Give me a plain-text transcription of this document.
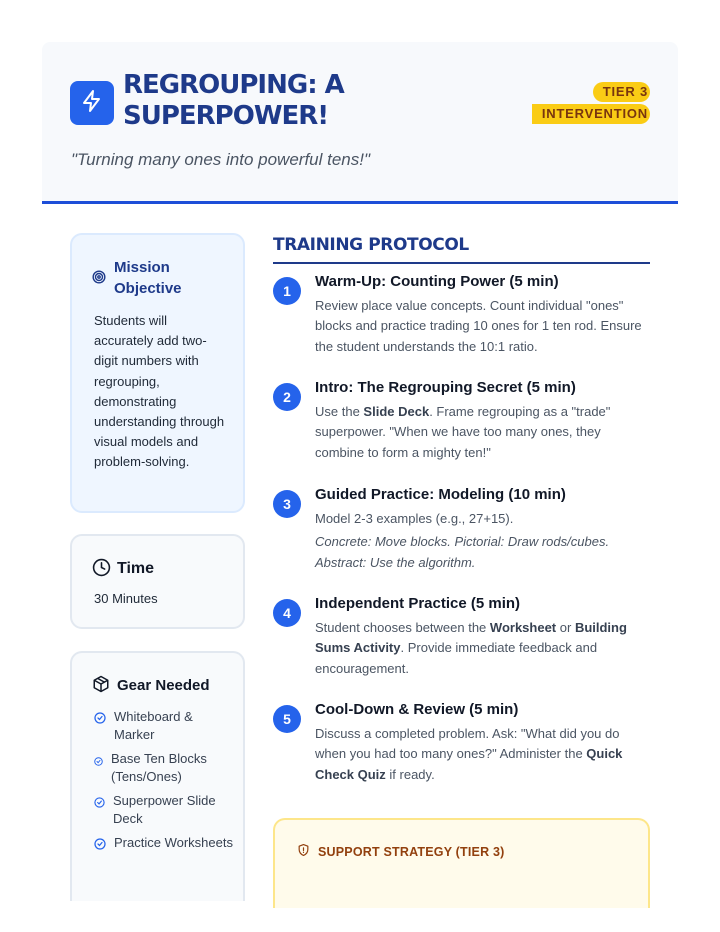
REGROUPING: A SUPERPOWER!
"Turning many ones into powerful tens!"
TIER 3
INTERVENTION
Mission Objective
Students will accurately add two-digit numbers with regrouping, demonstrating understanding through visual models and problem-solving.
Time
30 Minutes
Gear Needed
Whiteboard & Marker
Base Ten Blocks (Tens/Ones)
Superpower Slide Deck
Practice Worksheets
TRAINING PROTOCOL
1
Warm-Up: Counting Power (5 min)
Review place value concepts. Count individual "ones" blocks and practice trading 10 ones for 1 ten rod. Ensure the student understands the 10:1 ratio.
2
Intro: The Regrouping Secret (5 min)
Use the Slide Deck. Frame regrouping as a "trade" superpower. "When we have too many ones, they combine to form a mighty ten!"
3
Guided Practice: Modeling (10 min)
Model 2-3 examples (e.g., 27+15).
Concrete: Move blocks. Pictorial: Draw rods/cubes. Abstract: Use the algorithm.
4
Independent Practice (5 min)
Student chooses between the Worksheet or Building Sums Activity. Provide immediate feedback and encouragement.
5
Cool-Down & Review (5 min)
Discuss a completed problem. Ask: "What did you do when you had too many ones?" Administer the Quick Check Quiz if ready.
SUPPORT STRATEGY (TIER 3)
